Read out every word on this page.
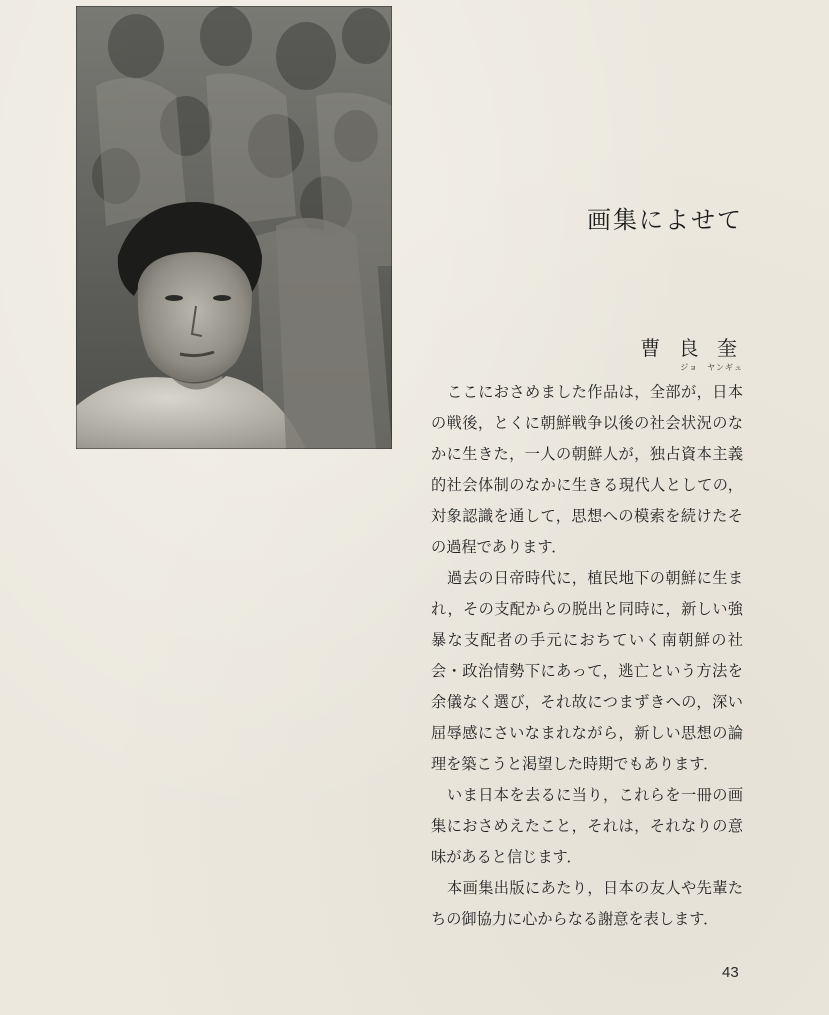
画集によせて
曹 良 奎
ジョ　ヤンギュ
ここにおさめました作品は，全部が，日本
の戦後，とくに朝鮮戦争以後の社会状況のな
かに生きた，一人の朝鮮人が，独占資本主義
的社会体制のなかに生きる現代人としての，
対象認識を通して，思想への模索を続けたそ
の過程であります．
過去の日帝時代に，植民地下の朝鮮に生ま
れ，その支配からの脱出と同時に，新しい強
暴な支配者の手元におちていく南朝鮮の社
会・政治情勢下にあって，逃亡という方法を
余儀なく選び，それ故につまずきへの，深い
屈辱感にさいなまれながら，新しい思想の論
理を築こうと渇望した時期でもあります．
いま日本を去るに当り，これらを一冊の画
集におさめえたこと，それは，それなりの意
味があると信じます．
本画集出版にあたり，日本の友人や先輩た
ちの御協力に心からなる謝意を表します．
43
